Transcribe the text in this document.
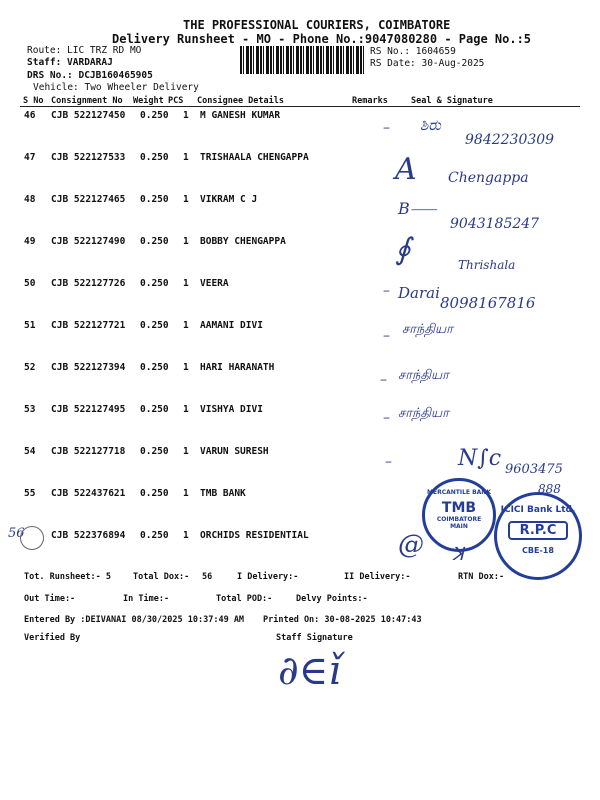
THE PROFESSIONAL COURIERS, COIMBATORE
Delivery Runsheet - MO - Phone No.:9047080280 - Page No.:5
Route: LIC TRZ RD MO
Staff: VARDARAJ
DRS No.: DCJB160465905
Vehicle: Two Wheeler Delivery
RS No.: 1604659
RS Date: 30-Aug-2025
S No Consignment No Weight PCS Consignee Details	Remarks	Seal & Signature
46 CJB 522127450 0.250 1 M GANESH KUMAR
47 CJB 522127533 0.250 1 TRISHAALA CHENGAPPA
48 CJB 522127465 0.250 1 VIKRAM C J
49 CJB 522127490 0.250 1 BOBBY CHENGAPPA
50 CJB 522127726 0.250 1 VEERA
51 CJB 522127721 0.250 1 AAMANI DIVI
52 CJB 522127394 0.250 1 HARI HARANATH
53 CJB 522127495 0.250 1 VISHYA DIVI
54 CJB 522127718 0.250 1 VARUN SURESH
55 CJB 522437621 0.250 1 TMB BANK
CJB 522376894 0.250 1 ORCHIDS RESIDENTIAL
56
ಶಿರು
9842230309
A Chengappa
B⸺
9043185247
∮	Thrishala
Darai
8098167816
சாந்தியா
சாந்தியா
சாந்தியா
N∫c 9603475
888
@ ꓘ
–
–
–
–
–
–
MERCANTILE BANK
TMB
COIMBATORE
MAIN
ICICI Bank Ltd.
R.P.C
CBE-18
Tot. Runsheet:- 5	Total Dox:- 56	I Delivery:-	II Delivery:-	RTN Dox:-
Out Time:-	In Time:-	Total POD:-	Delvy Points:-
Entered By :DEIVANAI 08/30/2025 10:37:49 AM Printed On: 30-08-2025 10:47:43
Verified By	Staff Signature
∂∈ǐ
